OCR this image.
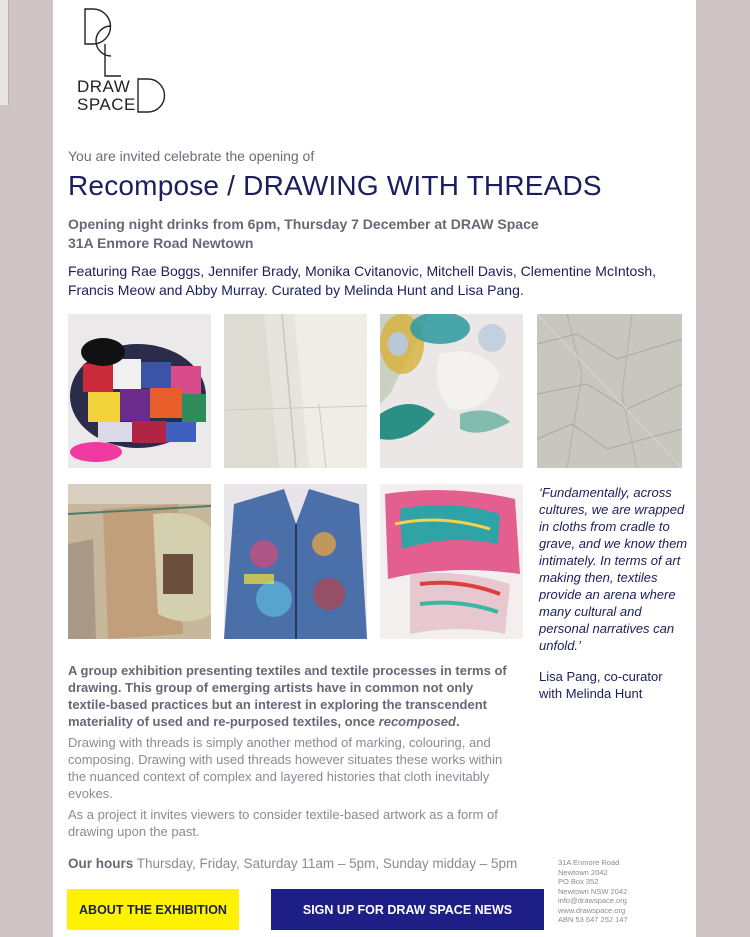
DRAW
SPACE
You are invited celebrate the opening of
Recompose / DRAWING WITH THREADS
Opening night drinks from 6pm, Thursday 7 December at DRAW Space
31A Enmore Road Newtown
Featuring Rae Boggs, Jennifer Brady, Monika Cvitanovic, Mitchell Davis, Clementine McIntosh, Francis Meow and Abby Murray. Curated by Melinda Hunt and Lisa Pang.
‘Fundamentally, across cultures, we are wrapped in cloths from cradle to grave, and we know them intimately. In terms of art making then, textiles provide an arena where many cultural and personal narratives can unfold.’
Lisa Pang, co-curator with Melinda Hunt
A group exhibition presenting textiles and textile processes in terms of drawing. This group of emerging artists have in common not only textile-based practices but an interest in exploring the transcendent materiality of used and re-purposed textiles, once recomposed.
Drawing with threads is simply another method of marking, colouring, and composing. Drawing with used threads however situates these works within the nuanced context of complex and layered histories that cloth inevitably evokes.
As a project it invites viewers to consider textile-based artwork as a form of drawing upon the past.
Our hours Thursday, Friday, Saturday 11am – 5pm, Sunday midday – 5pm	31A Enmore Road
Newtown 2042
PO Box 352
Newtown NSW 2042
info@drawspace.org
www.drawspace.org
ABN 53 647 252 147
ABOUT THE EXHIBITION	SIGN UP FOR DRAW SPACE NEWS
